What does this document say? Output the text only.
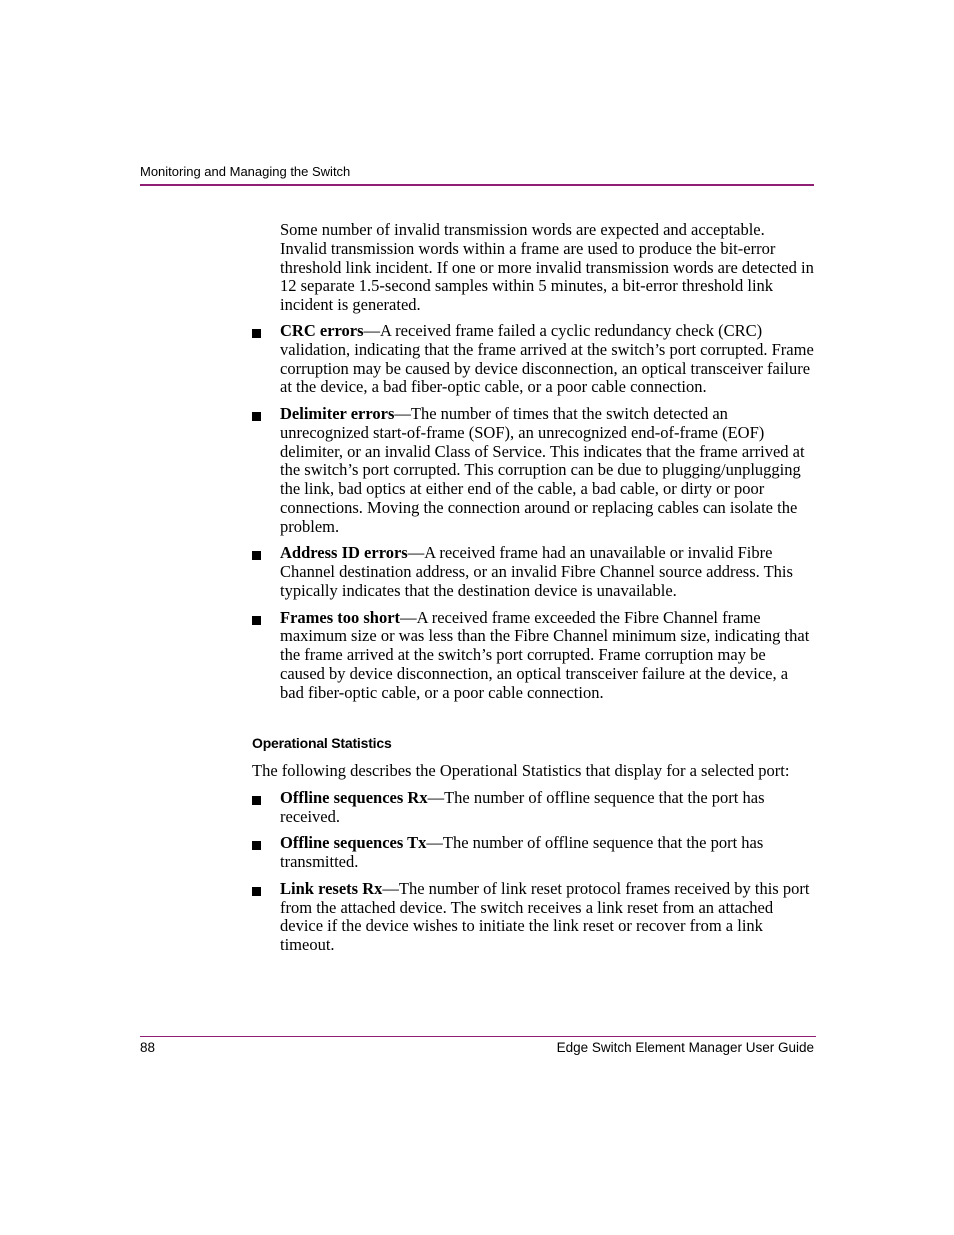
Monitoring and Managing the Switch
Some number of invalid transmission words are expected and acceptable. Invalid transmission words within a frame are used to produce the bit-error threshold link incident. If one or more invalid transmission words are detected in 12 separate 1.5-second samples within 5 minutes, a bit-error threshold link incident is generated.
CRC errors—A received frame failed a cyclic redundancy check (CRC) validation, indicating that the frame arrived at the switch’s port corrupted. Frame corruption may be caused by device disconnection, an optical transceiver failure at the device, a bad fiber-optic cable, or a poor cable connection.
Delimiter errors—The number of times that the switch detected an unrecognized start-of-frame (SOF), an unrecognized end-of-frame (EOF) delimiter, or an invalid Class of Service. This indicates that the frame arrived at the switch’s port corrupted. This corruption can be due to plugging/unplugging the link, bad optics at either end of the cable, a bad cable, or dirty or poor connections. Moving the connection around or replacing cables can isolate the problem.
Address ID errors—A received frame had an unavailable or invalid Fibre Channel destination address, or an invalid Fibre Channel source address. This typically indicates that the destination device is unavailable.
Frames too short—A received frame exceeded the Fibre Channel frame maximum size or was less than the Fibre Channel minimum size, indicating that the frame arrived at the switch’s port corrupted. Frame corruption may be caused by device disconnection, an optical transceiver failure at the device, a bad fiber-optic cable, or a poor cable connection.
Operational Statistics
The following describes the Operational Statistics that display for a selected port:
Offline sequences Rx—The number of offline sequence that the port has received.
Offline sequences Tx—The number of offline sequence that the port has transmitted.
Link resets Rx—The number of link reset protocol frames received by this port from the attached device. The switch receives a link reset from an attached device if the device wishes to initiate the link reset or recover from a link timeout.
88	Edge Switch Element Manager User Guide
